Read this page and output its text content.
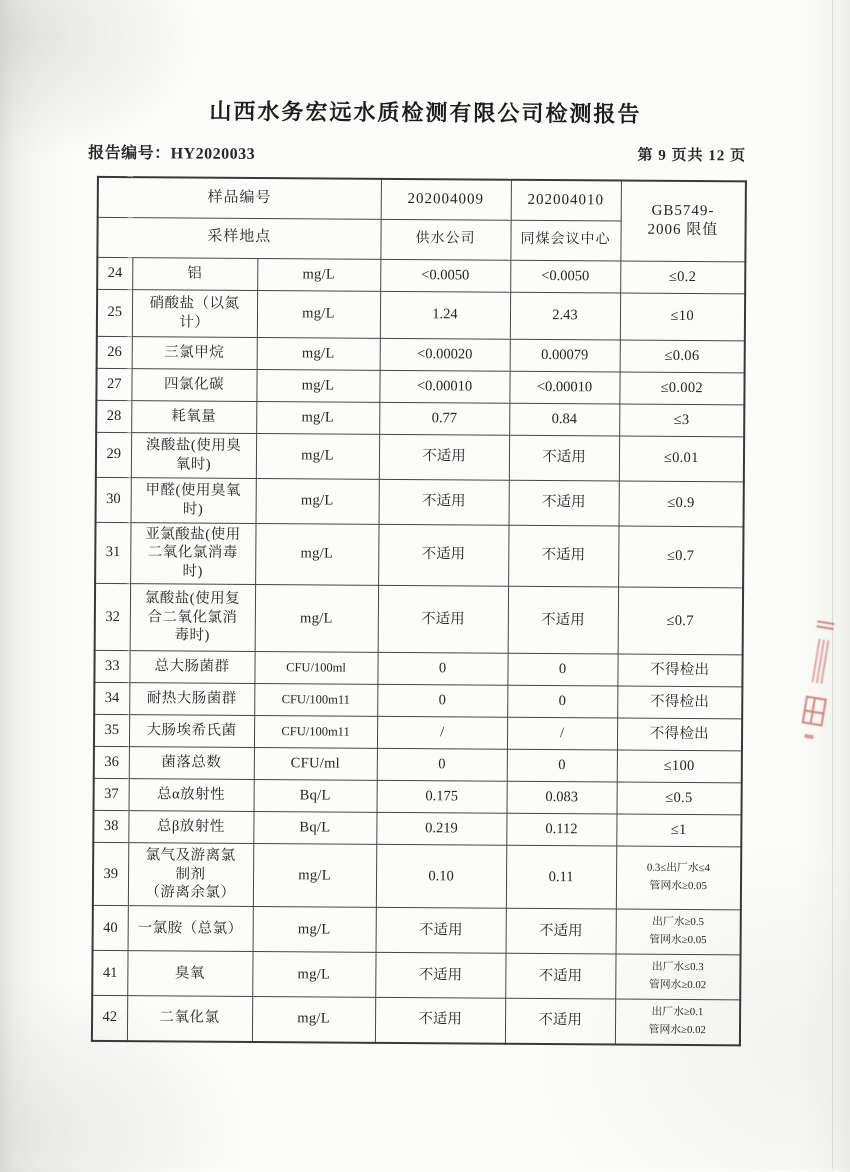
山西水务宏远水质检测有限公司检测报告
报告编号：HY2020033	第 9 页共 12 页
样品编号			202004009	202004010	GB5749-
2006 限值
采样地点			供水公司	同煤会议中心	
24	铝	mg/L	<0.0050	<0.0050	≤0.2
25	硝酸盐（以氮
计）	mg/L	1.24	2.43	≤10
26	三氯甲烷	mg/L	<0.00020	0.00079	≤0.06
27	四氯化碳	mg/L	<0.00010	<0.00010	≤0.002
28	耗氧量	mg/L	0.77	0.84	≤3
29	溴酸盐(使用臭
氧时)	mg/L	不适用	不适用	≤0.01
30	甲醛(使用臭氧
时)	mg/L	不适用	不适用	≤0.9
31	亚氯酸盐(使用
二氧化氯消毒
时)	mg/L	不适用	不适用	≤0.7
32	氯酸盐(使用复
合二氧化氯消
毒时)	mg/L	不适用	不适用	≤0.7
33	总大肠菌群	CFU/100ml	0	0	不得检出
34	耐热大肠菌群	CFU/100m11	0	0	不得检出
35	大肠埃希氏菌	CFU/100m11	/	/	不得检出
36	菌落总数	CFU/ml	0	0	≤100
37	总α放射性	Bq/L	0.175	0.083	≤0.5
38	总β放射性	Bq/L	0.219	0.112	≤1
39	氯气及游离氯
制剂
（游离余氯）	mg/L	0.10	0.11	0.3≤出厂水≤4
管网水≥0.05
40	一氯胺（总氯）	mg/L	不适用	不适用	出厂水≥0.5
管网水≥0.05
41	臭氧	mg/L	不适用	不适用	出厂水≤0.3
管网水≥0.02
42	二氧化氯	mg/L	不适用	不适用	出厂水≥0.1
管网水≥0.02
